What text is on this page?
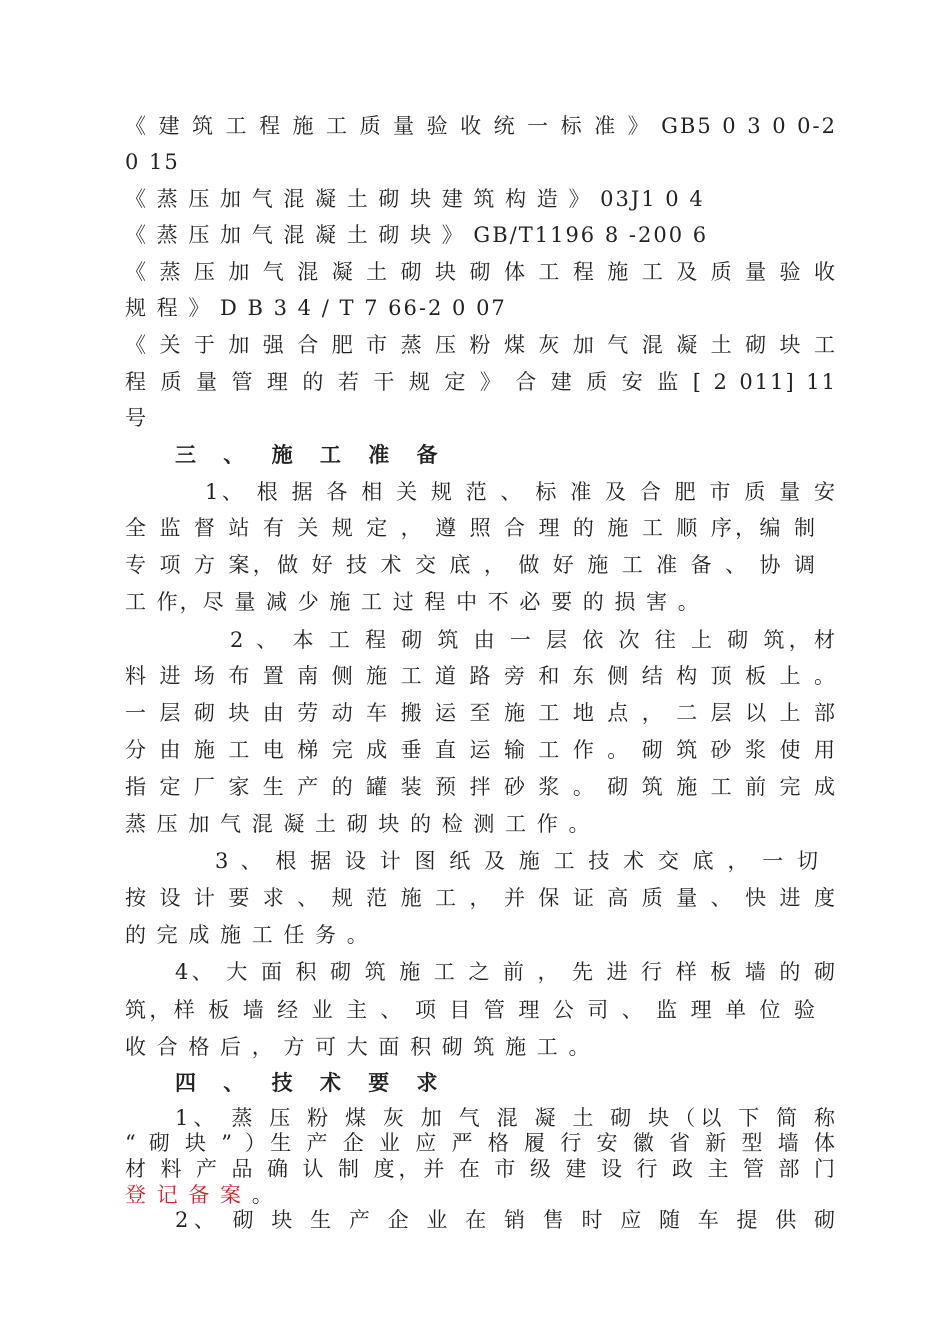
《 建 筑 工 程 施 工 质 量 验 收 统 一 标 准 》 GB5 0 3 0 0-2
0 15
《 蒸 压 加 气 混 凝 土 砌 块 建 筑 构 造 》 03J1 0 4
《 蒸 压 加 气 混 凝 土 砌 块 》 GB/T1196 8 -200 6
《 蒸 压 加 气 混 凝 土 砌 块 砌 体 工 程 施 工 及 质 量 验 收
规 程 》 D B 3 4 / T 7 66-2 0 07
《 关 于 加 强 合 肥 市 蒸 压 粉 煤 灰 加 气 混 凝 土 砌 块 工
程 质 量 管 理 的 若 干 规 定 》 合 建 质 安 监 [ 2 011] 11
号
三 、 施 工 准 备
1、 根 据 各 相 关 规 范 、 标 准 及 合 肥 市 质 量 安
全 监 督 站 有 关 规 定 ， 遵 照 合 理 的 施 工 顺 序，编 制
专 项 方 案，做 好 技 术 交 底 ， 做 好 施 工 准 备 、 协 调
工 作，尽 量 减 少 施 工 过 程 中 不 必 要 的 损 害 。
2 、 本 工 程 砌 筑 由 一 层 依 次 往 上 砌 筑，材
料 进 场 布 置 南 侧 施 工 道 路 旁 和 东 侧 结 构 顶 板 上 。
一 层 砌 块 由 劳 动 车 搬 运 至 施 工 地 点 ， 二 层 以 上 部
分 由 施 工 电 梯 完 成 垂 直 运 输 工 作 。 砌 筑 砂 浆 使 用
指 定 厂 家 生 产 的 罐 装 预 拌 砂 浆 。 砌 筑 施 工 前 完 成
蒸 压 加 气 混 凝 土 砌 块 的 检 测 工 作 。
3 、 根 据 设 计 图 纸 及 施 工 技 术 交 底 ， 一 切
按 设 计 要 求 、 规 范 施 工 ， 并 保 证 高 质 量 、 快 进 度
的 完 成 施 工 任 务 。
4、 大 面 积 砌 筑 施 工 之 前 ， 先 进 行 样 板 墙 的 砌
筑，样 板 墙 经 业 主 、 项 目 管 理 公 司 、 监 理 单 位 验
收 合 格 后 ， 方 可 大 面 积 砌 筑 施 工 。
四 、 技 术 要 求
1、 蒸 压 粉 煤 灰 加 气 混 凝 土 砌 块（以 下 简 称
“ 砌 块 ” ）生 产 企 业 应 严 格 履 行 安 徽 省 新 型 墙 体
材 料 产 品 确 认 制 度，并 在 市 级 建 设 行 政 主 管 部 门
登 记 备 案 。
2、 砌 块 生 产 企 业 在 销 售 时 应 随 车 提 供 砌
